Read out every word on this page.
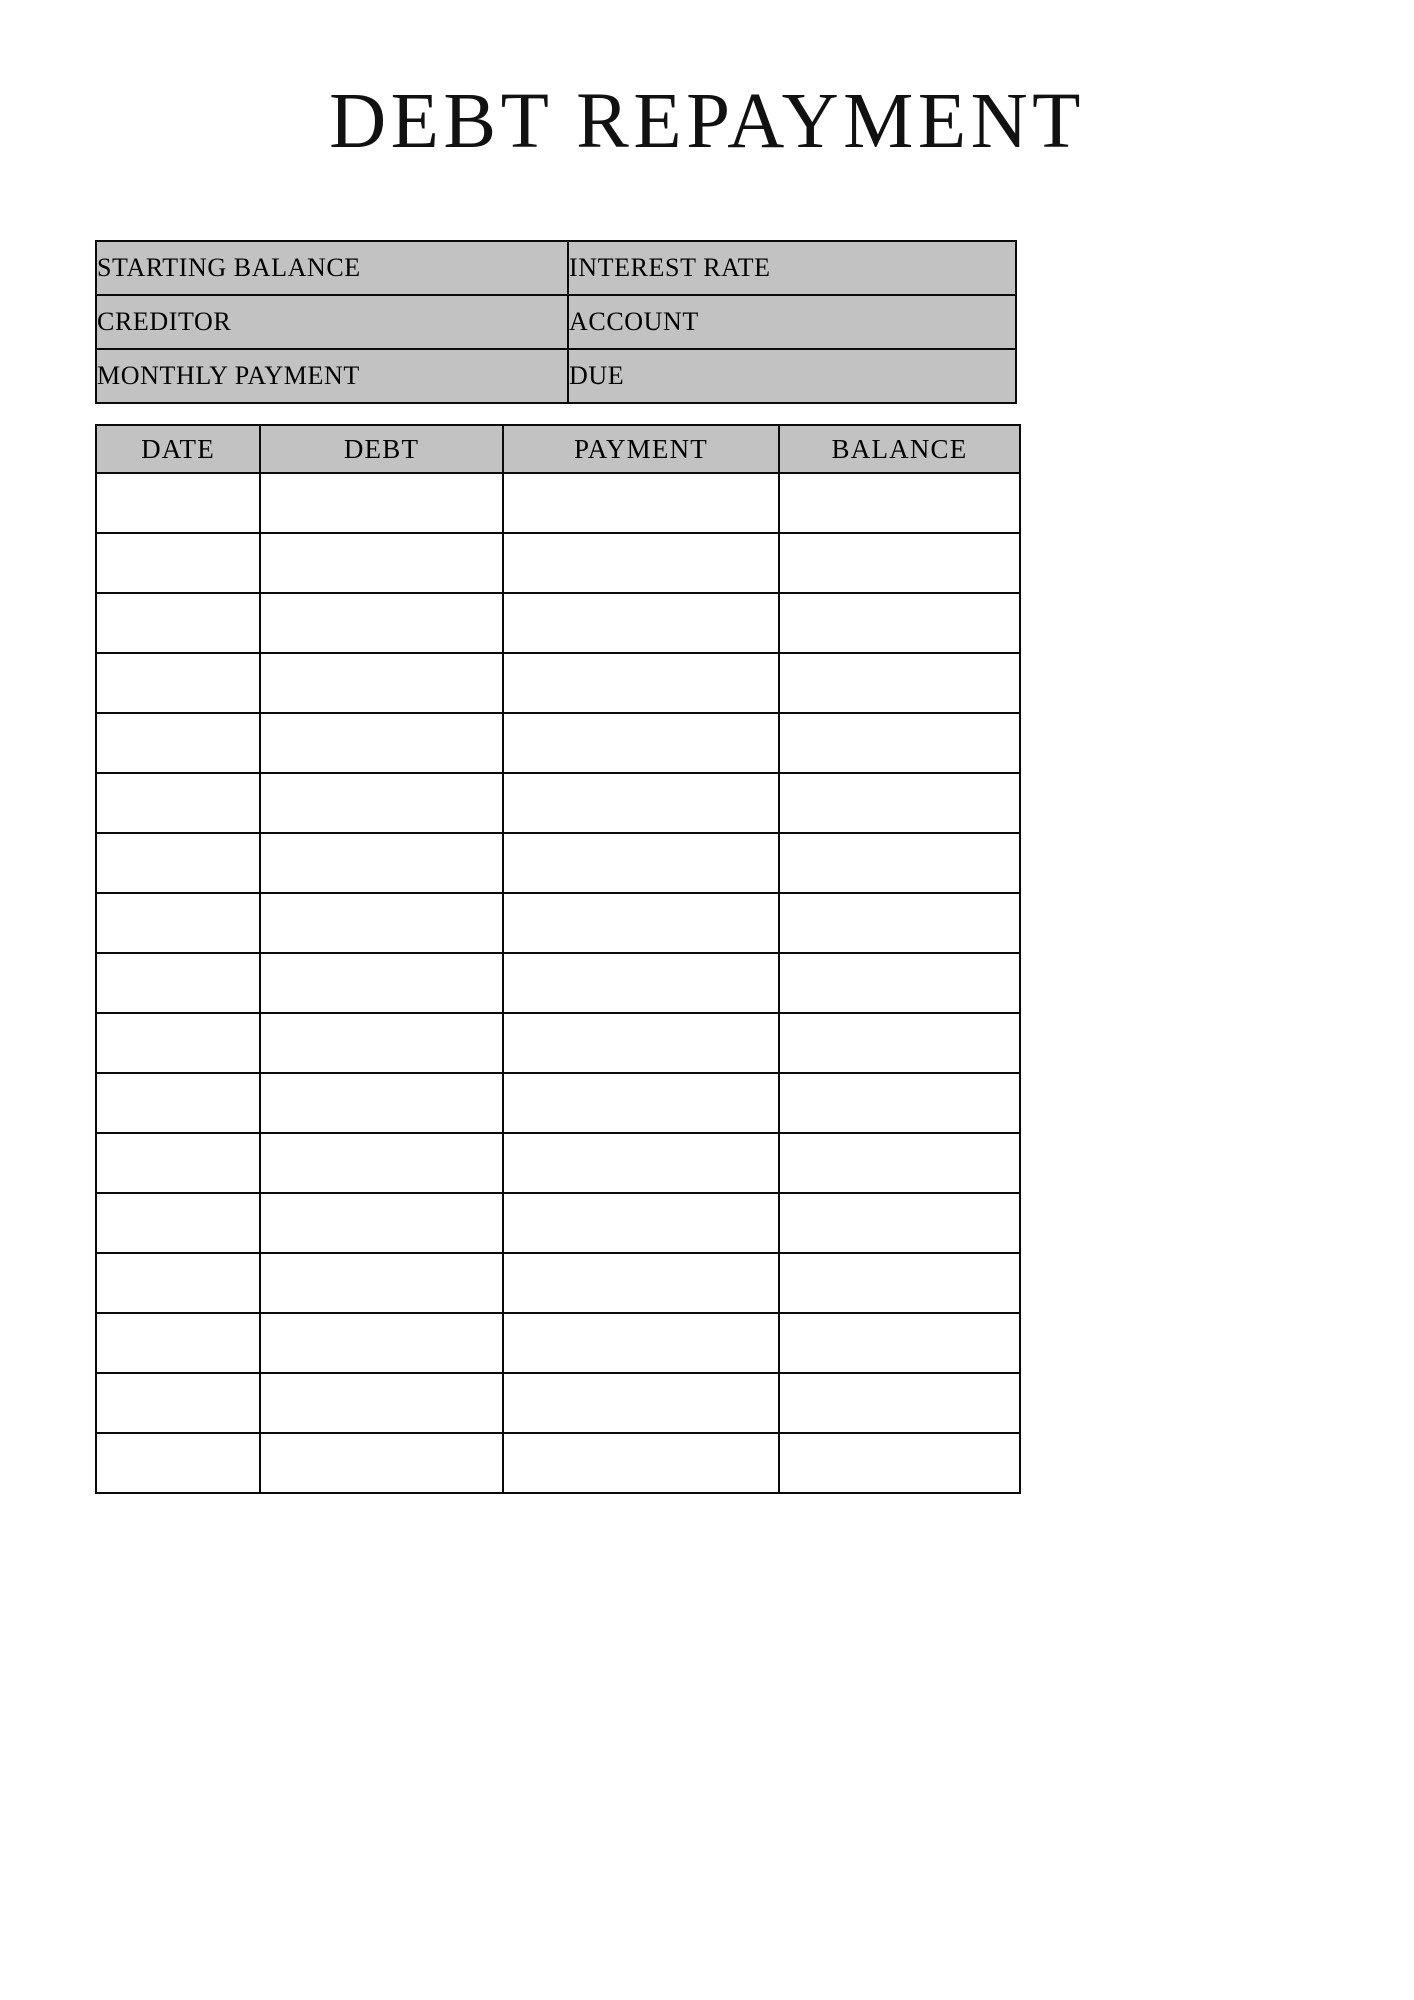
DEBT REPAYMENT
STARTING BALANCE	INTEREST RATE
CREDITOR	ACCOUNT
MONTHLY PAYMENT	DUE
DATE	DEBT	PAYMENT	BALANCE
